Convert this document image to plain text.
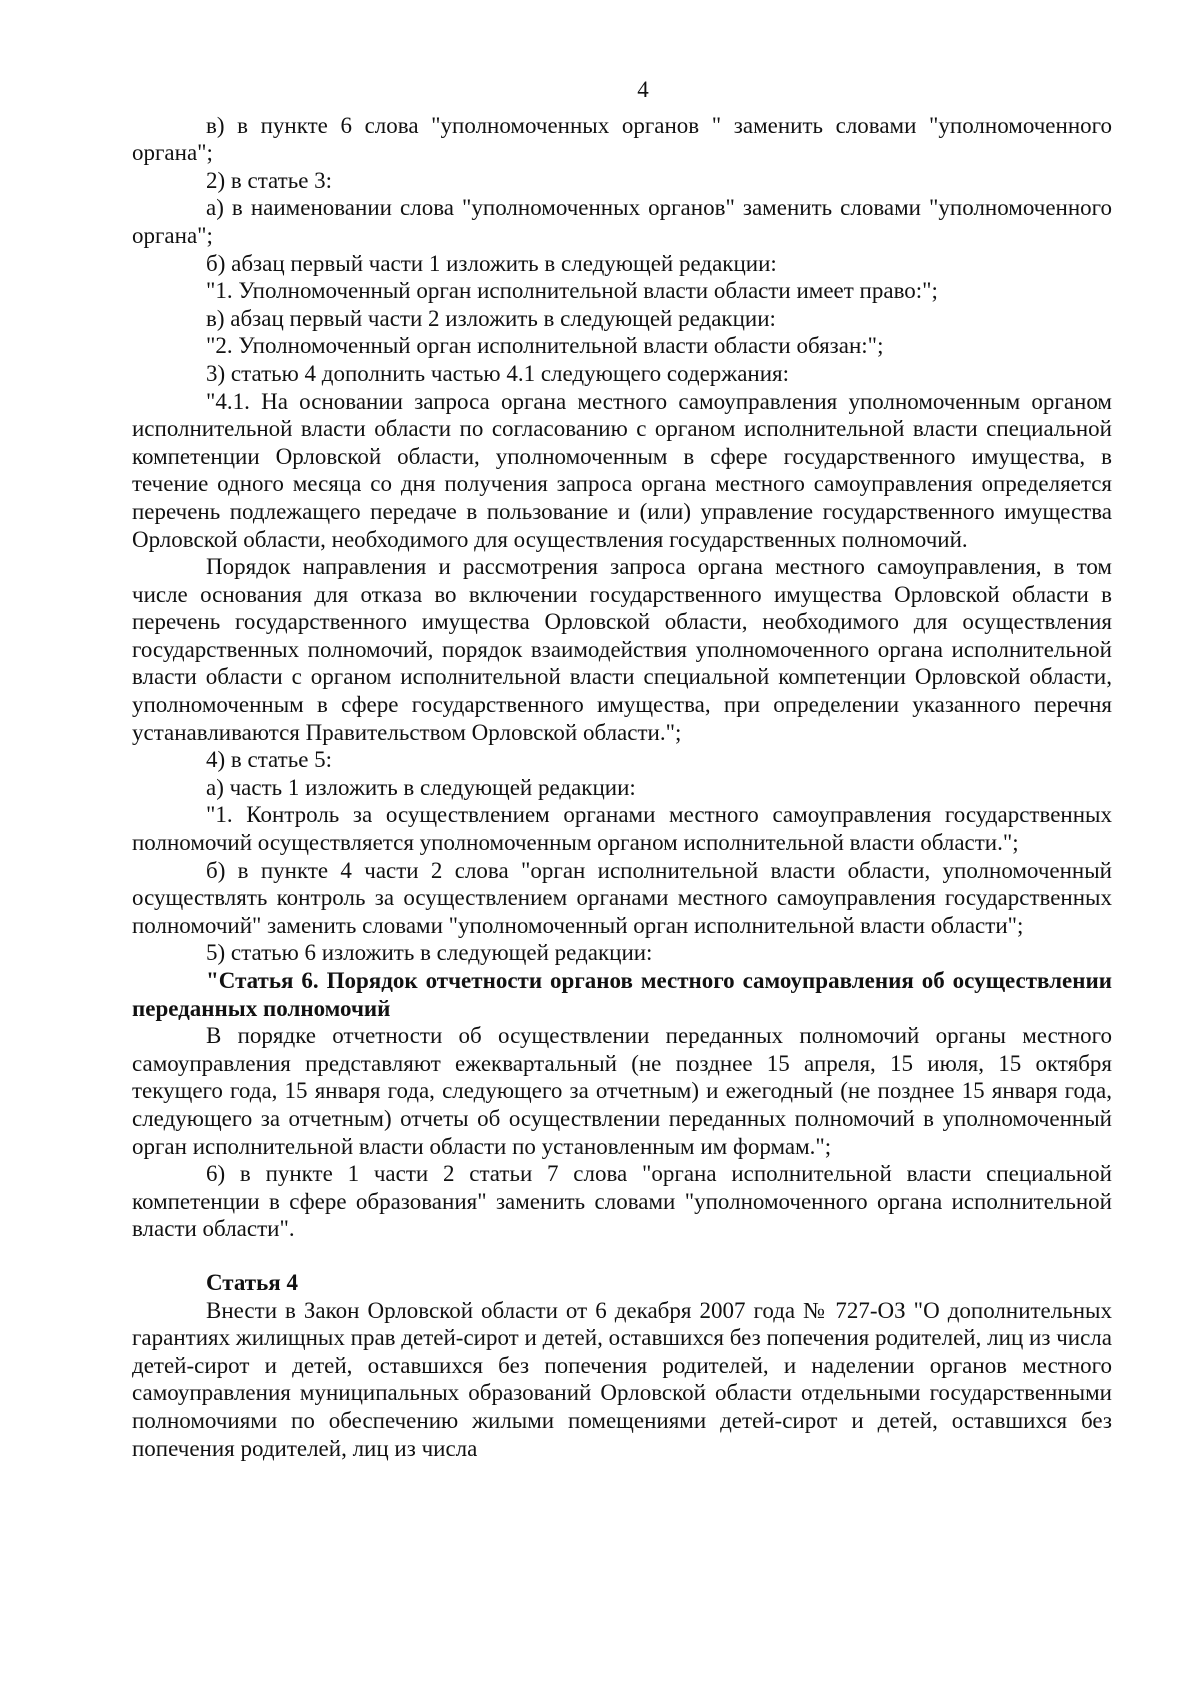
4

в) в пункте 6 слова "уполномоченных органов " заменить словами "уполномоченного органа";

2) в статье 3:

а) в наименовании слова "уполномоченных органов" заменить словами "уполномоченного органа";

б) абзац первый части 1 изложить в следующей редакции:

"1. Уполномоченный орган исполнительной власти области имеет право:";

в) абзац первый части 2 изложить в следующей редакции:

"2. Уполномоченный орган исполнительной власти области обязан:";

3) статью 4 дополнить частью 4.1 следующего содержания:

"4.1. На основании запроса органа местного самоуправления уполномоченным органом исполнительной власти области по согласованию с органом исполнительной власти специальной компетенции Орловской области, уполномоченным в сфере государственного имущества, в течение одного месяца со дня получения запроса органа местного самоуправления определяется перечень подлежащего передаче в пользование и (или) управление государственного имущества Орловской области, необходимого для осуществления государственных полномочий.

Порядок направления и рассмотрения запроса органа местного самоуправления, в том числе основания для отказа во включении государственного имущества Орловской области в перечень государственного имущества Орловской области, необходимого для осуществления государственных полномочий, порядок взаимодействия уполномоченного органа исполнительной власти области с органом исполнительной власти специальной компетенции Орловской области, уполномоченным в сфере государственного имущества, при определении указанного перечня устанавливаются Правительством Орловской области.";

4) в статье 5:

а) часть 1 изложить в следующей редакции:

"1. Контроль за осуществлением органами местного самоуправления государственных полномочий осуществляется уполномоченным органом исполнительной власти области.";

б) в пункте 4 части 2 слова "орган исполнительной власти области, уполномоченный осуществлять контроль за осуществлением органами местного самоуправления государственных полномочий" заменить словами "уполномоченный орган исполнительной власти области";

5) статью 6 изложить в следующей редакции:

"Статья 6. Порядок отчетности органов местного самоуправления об осуществлении переданных полномочий

В порядке отчетности об осуществлении переданных полномочий органы местного самоуправления представляют ежеквартальный (не позднее 15 апреля, 15 июля, 15 октября текущего года, 15 января года, следующего за отчетным) и ежегодный (не позднее 15 января года, следующего за отчетным) отчеты об осуществлении переданных полномочий в уполномоченный орган исполнительной власти области по установленным им формам.";

6) в пункте 1 части 2 статьи 7 слова "органа исполнительной власти специальной компетенции в сфере образования" заменить словами "уполномоченного органа исполнительной власти области".

Статья 4

Внести в Закон Орловской области от 6 декабря 2007 года № 727-ОЗ "О дополнительных гарантиях жилищных прав детей-сирот и детей, оставшихся без попечения родителей, лиц из числа детей-сирот и детей, оставшихся без попечения родителей, и наделении органов местного самоуправления муниципальных образований Орловской области отдельными государственными полномочиями по обеспечению жилыми помещениями детей-сирот и детей, оставшихся без попечения родителей, лиц из числа
